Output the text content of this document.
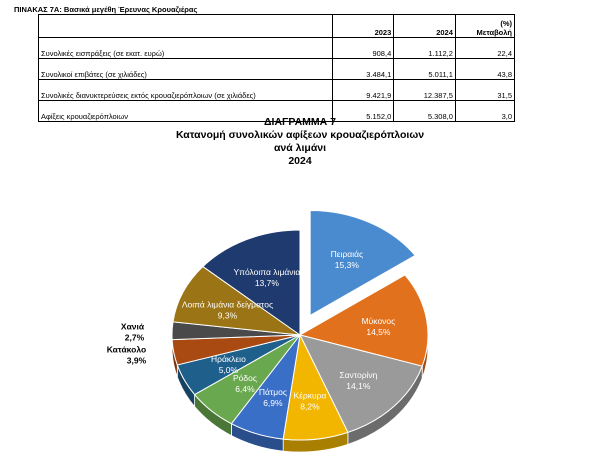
ΠΙΝΑΚΑΣ 7Α: Βασικά μεγέθη Έρευνας Κρουαζιέρας
	2023	2024	(%)
Μεταβολή
Συνολικές εισπράξεις (σε εκατ. ευρώ)	908,4	1.112,2	22,4
Συνολικοί επιβάτες (σε χιλιάδες)	3.484,1	5.011,1	43,8
Συνολικές διανυκτερεύσεις εκτός κρουαζιερόπλοιων (σε χιλιάδες)	9.421,9	12.387,5	31,5
Αφίξεις κρουαζιερόπλοιων	5.152,0	5.308,0	3,0
ΔΙΑΓΡΑΜΜΑ 7
Κατανομή συνολικών αφίξεων κρουαζιερόπλοιων
ανά λιμάνι
2024
Πειραιάς
15,3%
Μύκονος
14,5%
Σαντορίνη
14,1%
Κέρκυρα
8,2%
Πάτμος
6,9%
Ρόδος
6,4%
Ηράκλειο
5,0%
Κατάκολο
3,9%
Χανιά
2,7%
Λοιπά λιμάνια δείγματος
9,3%
Υπόλοιπα λιμάνια
13,7%
